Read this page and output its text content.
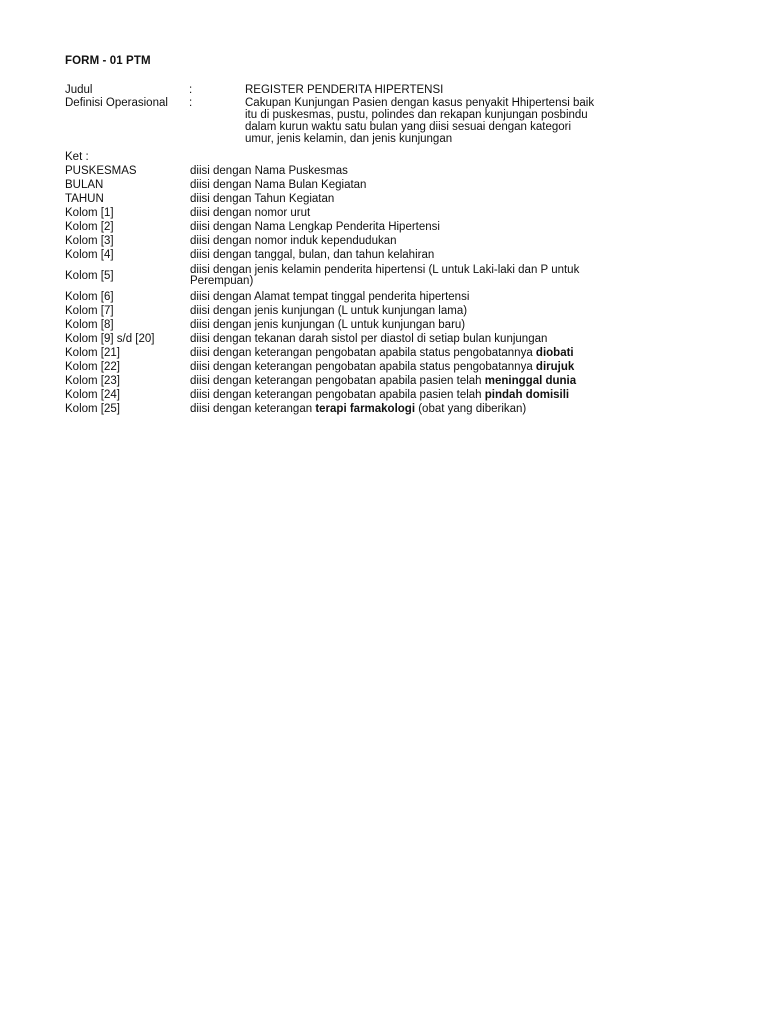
FORM - 01 PTM
Judul	:	REGISTER PENDERITA HIPERTENSI
Definisi Operasional :	Cakupan Kunjungan Pasien dengan kasus penyakit Hhipertensi baik
itu di puskesmas, pustu, polindes dan rekapan kunjungan posbindu
dalam kurun waktu satu bulan yang diisi sesuai dengan kategori
umur, jenis kelamin, dan jenis kunjungan
Ket :
PUSKESMAS	diisi dengan Nama Puskesmas
BULAN	diisi dengan Nama Bulan Kegiatan
TAHUN	diisi dengan Tahun Kegiatan
Kolom [1]	diisi dengan nomor urut
Kolom [2]	diisi dengan Nama Lengkap Penderita Hipertensi
Kolom [3]	diisi dengan nomor induk kependudukan
Kolom [4]	diisi dengan tanggal, bulan, dan tahun kelahiran
Kolom [5]	diisi dengan jenis kelamin penderita hipertensi (L untuk Laki-laki dan P untuk
Perempuan)
Kolom [6]	diisi dengan Alamat tempat tinggal penderita hipertensi
Kolom [7]	diisi dengan jenis kunjungan (L untuk kunjungan lama)
Kolom [8]	diisi dengan jenis kunjungan (L untuk kunjungan baru)
Kolom [9] s/d [20]	diisi dengan tekanan darah sistol per diastol di setiap bulan kunjungan
Kolom [21]	diisi dengan keterangan pengobatan apabila status pengobatannya diobati
Kolom [22]	diisi dengan keterangan pengobatan apabila status pengobatannya dirujuk
Kolom [23]	diisi dengan keterangan pengobatan apabila pasien telah meninggal dunia
Kolom [24]	diisi dengan keterangan pengobatan apabila pasien telah pindah domisili
Kolom [25]	diisi dengan keterangan terapi farmakologi (obat yang diberikan)
